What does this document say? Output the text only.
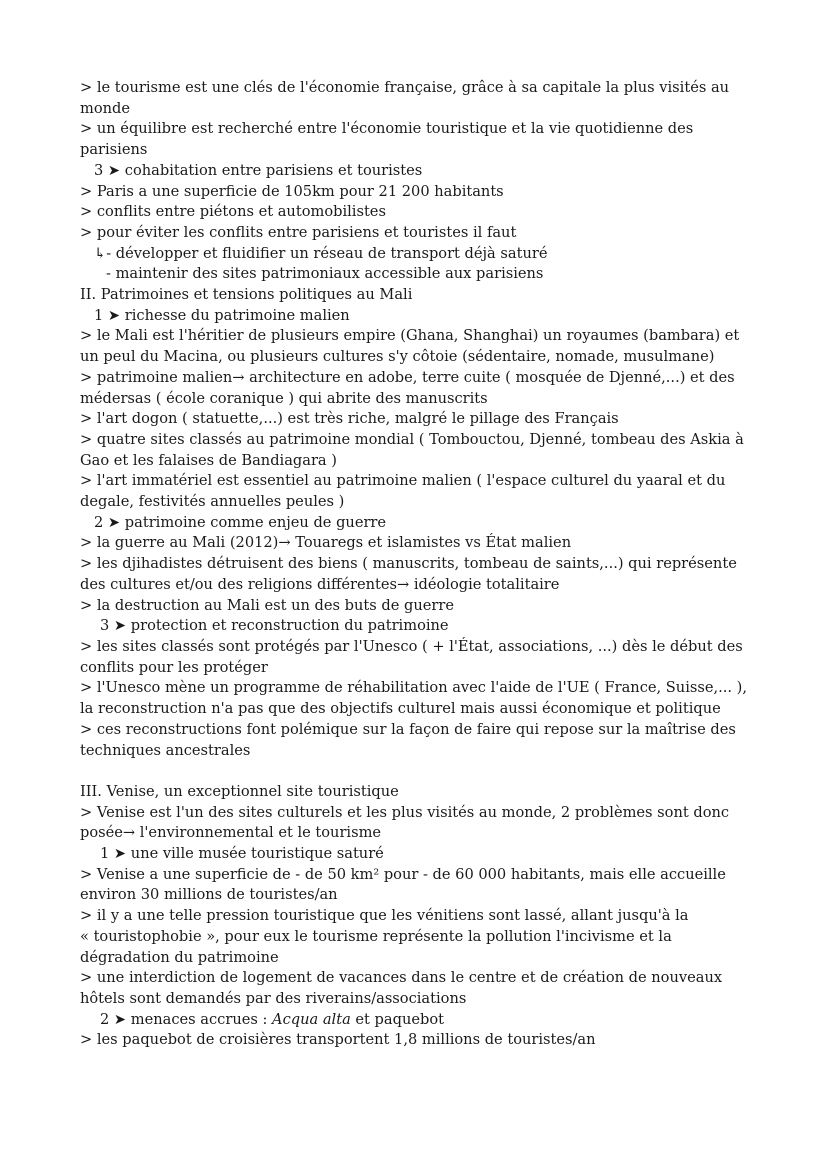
> le tourisme est une clés de l'économie française, grâce à sa capitale la plus visités au
monde
> un équilibre est recherché entre l'économie touristique et la vie quotidienne des
parisiens
3 ➤ cohabitation entre parisiens et touristes
> Paris a une superficie de 105km pour 21 200 habitants
> conflits entre piétons et automobilistes
> pour éviter les conflits entre parisiens et touristes il faut
↳- développer et fluidifier un réseau de transport déjà saturé
- maintenir des sites patrimoniaux accessible aux parisiens
II. Patrimoines et tensions politiques au Mali
1 ➤ richesse du patrimoine malien
> le Mali est l'héritier de plusieurs empire (Ghana, Shanghai) un royaumes (bambara) et
un peul du Macina, ou plusieurs cultures s'y côtoie (sédentaire, nomade, musulmane)
> patrimoine malien→ architecture en adobe, terre cuite ( mosquée de Djenné,...) et des
médersas ( école coranique ) qui abrite des manuscrits
> l'art dogon ( statuette,...) est très riche, malgré le pillage des Français
> quatre sites classés au patrimoine mondial ( Tombouctou, Djenné, tombeau des Askia à
Gao et les falaises de Bandiagara )
> l'art immatériel est essentiel au patrimoine malien ( l'espace culturel du yaaral et du
degale, festivités annuelles peules )
2 ➤ patrimoine comme enjeu de guerre
> la guerre au Mali (2012)→ Touaregs et islamistes vs État malien
> les djihadistes détruisent des biens ( manuscrits, tombeau de saints,...) qui représente
des cultures et/ou des religions différentes→ idéologie totalitaire
> la destruction au Mali est un des buts de guerre
3 ➤ protection et reconstruction du patrimoine
> les sites classés sont protégés par l'Unesco ( + l'État, associations, ...) dès le début des
conflits pour les protéger
> l'Unesco mène un programme de réhabilitation avec l'aide de l'UE ( France, Suisse,... ),
la reconstruction n'a pas que des objectifs culturel mais aussi économique et politique
> ces reconstructions font polémique sur la façon de faire qui repose sur la maîtrise des
techniques ancestrales
III. Venise, un exceptionnel site touristique
> Venise est l'un des sites culturels et les plus visités au monde, 2 problèmes sont donc
posée→ l'environnemental et le tourisme
1 ➤ une ville musée touristique saturé
> Venise a une superficie de - de 50 km² pour - de 60 000 habitants, mais elle accueille
environ 30 millions de touristes/an
> il y a une telle pression touristique que les vénitiens sont lassé, allant jusqu'à la
« touristophobie », pour eux le tourisme représente la pollution l'incivisme et la
dégradation du patrimoine
> une interdiction de logement de vacances dans le centre et de création de nouveaux
hôtels sont demandés par des riverains/associations
2 ➤ menaces accrues : Acqua alta et paquebot
> les paquebot de croisières transportent 1,8 millions de touristes/an
